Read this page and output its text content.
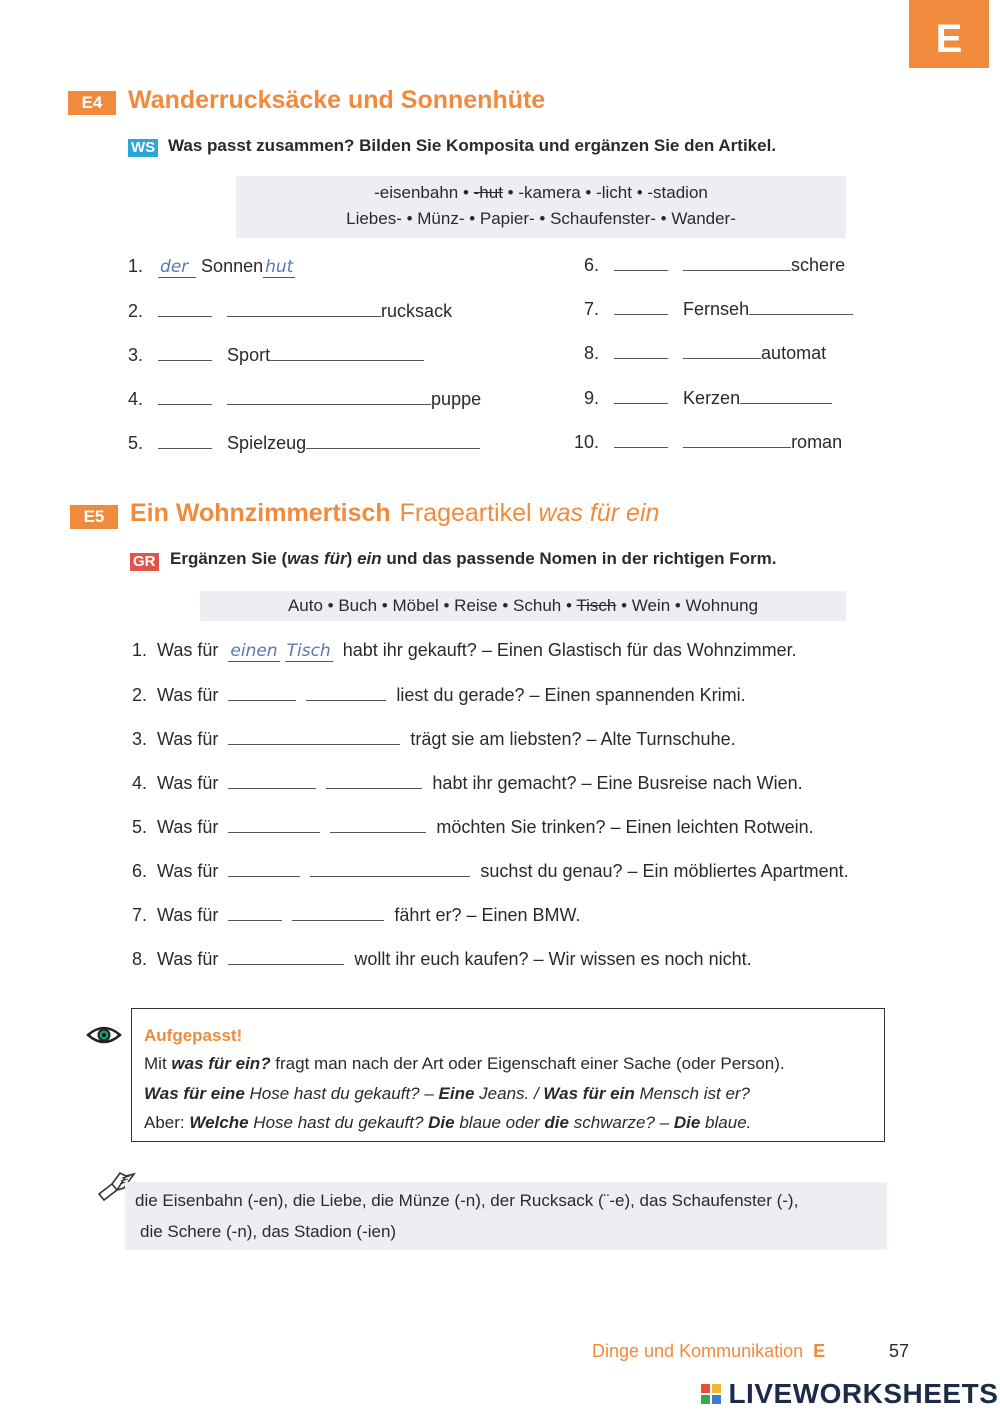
E
E4	Wanderrucksäcke und Sonnenhüte
WS Was passt zusammen? Bilden Sie Komposita und ergänzen Sie den Artikel.
-eisenbahn • -hut • -kamera • -licht • -stadion
Liebes- • Münz- • Papier- • Schaufenster- • Wander-
1. der Sonnen hut
2.	rucksack
3.	Sport
4.	puppe
5.	Spielzeug
6.	schere
7.	Fernseh
8.	automat
9.	Kerzen
10.	roman
E5	Ein Wohnzimmertisch Frageartikel was für ein
GR Ergänzen Sie (was für) ein und das passende Nomen in der richtigen Form.
Auto • Buch • Möbel • Reise • Schuh • Tisch • Wein • Wohnung
1. Was für einen Tisch habt ihr gekauft? – Einen Glastisch für das Wohnzimmer.
2. Was für	liest du gerade? – Einen spannenden Krimi.
3. Was für	trägt sie am liebsten? – Alte Turnschuhe.
4. Was für	habt ihr gemacht? – Eine Busreise nach Wien.
5. Was für	möchten Sie trinken? – Einen leichten Rotwein.
6. Was für	suchst du genau? – Ein möbliertes Apartment.
7. Was für	fährt er? – Einen BMW.
8. Was für	wollt ihr euch kaufen? – Wir wissen es noch nicht.
Aufgepasst!
Mit was für ein? fragt man nach der Art oder Eigenschaft einer Sache (oder Person).
Was für eine Hose hast du gekauft? – Eine Jeans. / Was für ein Mensch ist er?
Aber: Welche Hose hast du gekauft? Die blaue oder die schwarze? – Die blaue.
die Eisenbahn (-en), die Liebe, die Münze (-n), der Rucksack (¨-e), das Schaufenster (-),
die Schere (-n), das Stadion (-ien)
Dinge und Kommunikation E	57

LIVEWORKSHEETS
